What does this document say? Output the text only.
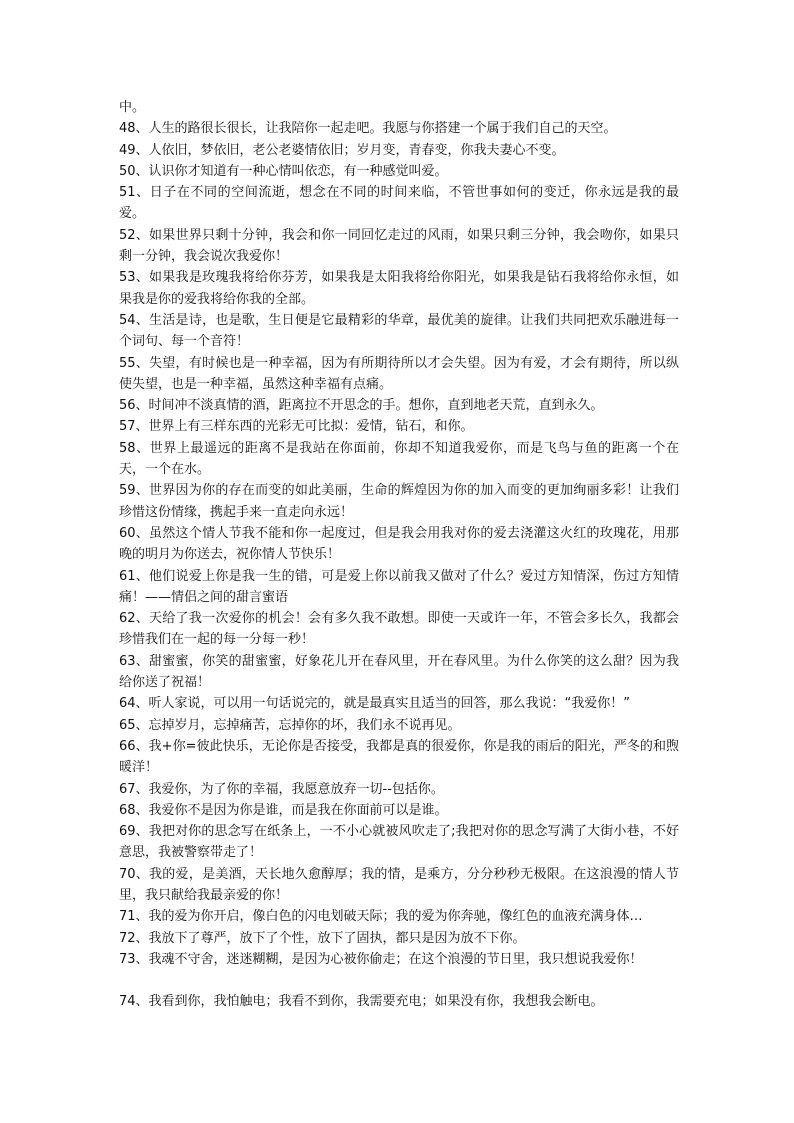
中。

48、人生的路很长很长，让我陪你一起走吧。我愿与你搭建一个属于我们自己的天空。

49、人依旧，梦依旧，老公老婆情依旧；岁月变，青春变，你我夫妻心不变。

50、认识你才知道有一种心情叫依恋，有一种感觉叫爱。

51、日子在不同的空间流逝，想念在不同的时间来临，不管世事如何的变迁，你永远是我的最爱。

52、如果世界只剩十分钟，我会和你一同回忆走过的风雨，如果只剩三分钟，我会吻你，如果只剩一分钟，我会说次我爱你！

53、如果我是玫瑰我将给你芬芳，如果我是太阳我将给你阳光，如果我是钻石我将给你永恒，如果我是你的爱我将给你我的全部。

54、生活是诗，也是歌，生日便是它最精彩的华章，最优美的旋律。让我们共同把欢乐融进每一个词句、每一个音符！

55、失望，有时候也是一种幸福，因为有所期待所以才会失望。因为有爱，才会有期待，所以纵使失望，也是一种幸福，虽然这种幸福有点痛。

56、时间冲不淡真情的酒，距离拉不开思念的手。想你，直到地老天荒，直到永久。

57、世界上有三样东西的光彩无可比拟：爱情，钻石，和你。

58、世界上最遥远的距离不是我站在你面前，你却不知道我爱你，而是飞鸟与鱼的距离一个在天，一个在水。

59、世界因为你的存在而变的如此美丽，生命的辉煌因为你的加入而变的更加绚丽多彩！让我们珍惜这份情缘，携起手来一直走向永远！

60、虽然这个情人节我不能和你一起度过，但是我会用我对你的爱去浇灌这火红的玫瑰花，用那晚的明月为你送去，祝你情人节快乐！

61、他们说爱上你是我一生的错，可是爱上你以前我又做对了什么？爱过方知情深，伤过方知情痛！——情侣之间的甜言蜜语

62、天给了我一次爱你的机会！会有多久我不敢想。即使一天或许一年，不管会多长久，我都会珍惜我们在一起的每一分每一秒！

63、甜蜜蜜，你笑的甜蜜蜜，好象花儿开在春风里，开在春风里。为什么你笑的这么甜？因为我给你送了祝福！

64、听人家说，可以用一句话说完的，就是最真实且适当的回答，那么我说：“我爱你！”

65、忘掉岁月，忘掉痛苦，忘掉你的坏，我们永不说再见。

66、我+你=彼此快乐，无论你是否接受，我都是真的很爱你，你是我的雨后的阳光，严冬的和煦暖洋！

67、我爱你，为了你的幸福，我愿意放弃一切--包括你。

68、我爱你不是因为你是谁，而是我在你面前可以是谁。

69、我把对你的思念写在纸条上，一不小心就被风吹走了;我把对你的思念写满了大街小巷，不好意思，我被警察带走了！

70、我的爱，是美酒，天长地久愈醇厚；我的情，是乘方，分分秒秒无极限。在这浪漫的情人节里，我只献给我最亲爱的你！

71、我的爱为你开启，像白色的闪电划破天际；我的爱为你奔驰，像红色的血液充满身体…

72、我放下了尊严，放下了个性，放下了固执，都只是因为放不下你。

73、我魂不守舍，迷迷糊糊，是因为心被你偷走；在这个浪漫的节日里，我只想说我爱你！

74、我看到你，我怕触电；我看不到你，我需要充电；如果没有你，我想我会断电。
